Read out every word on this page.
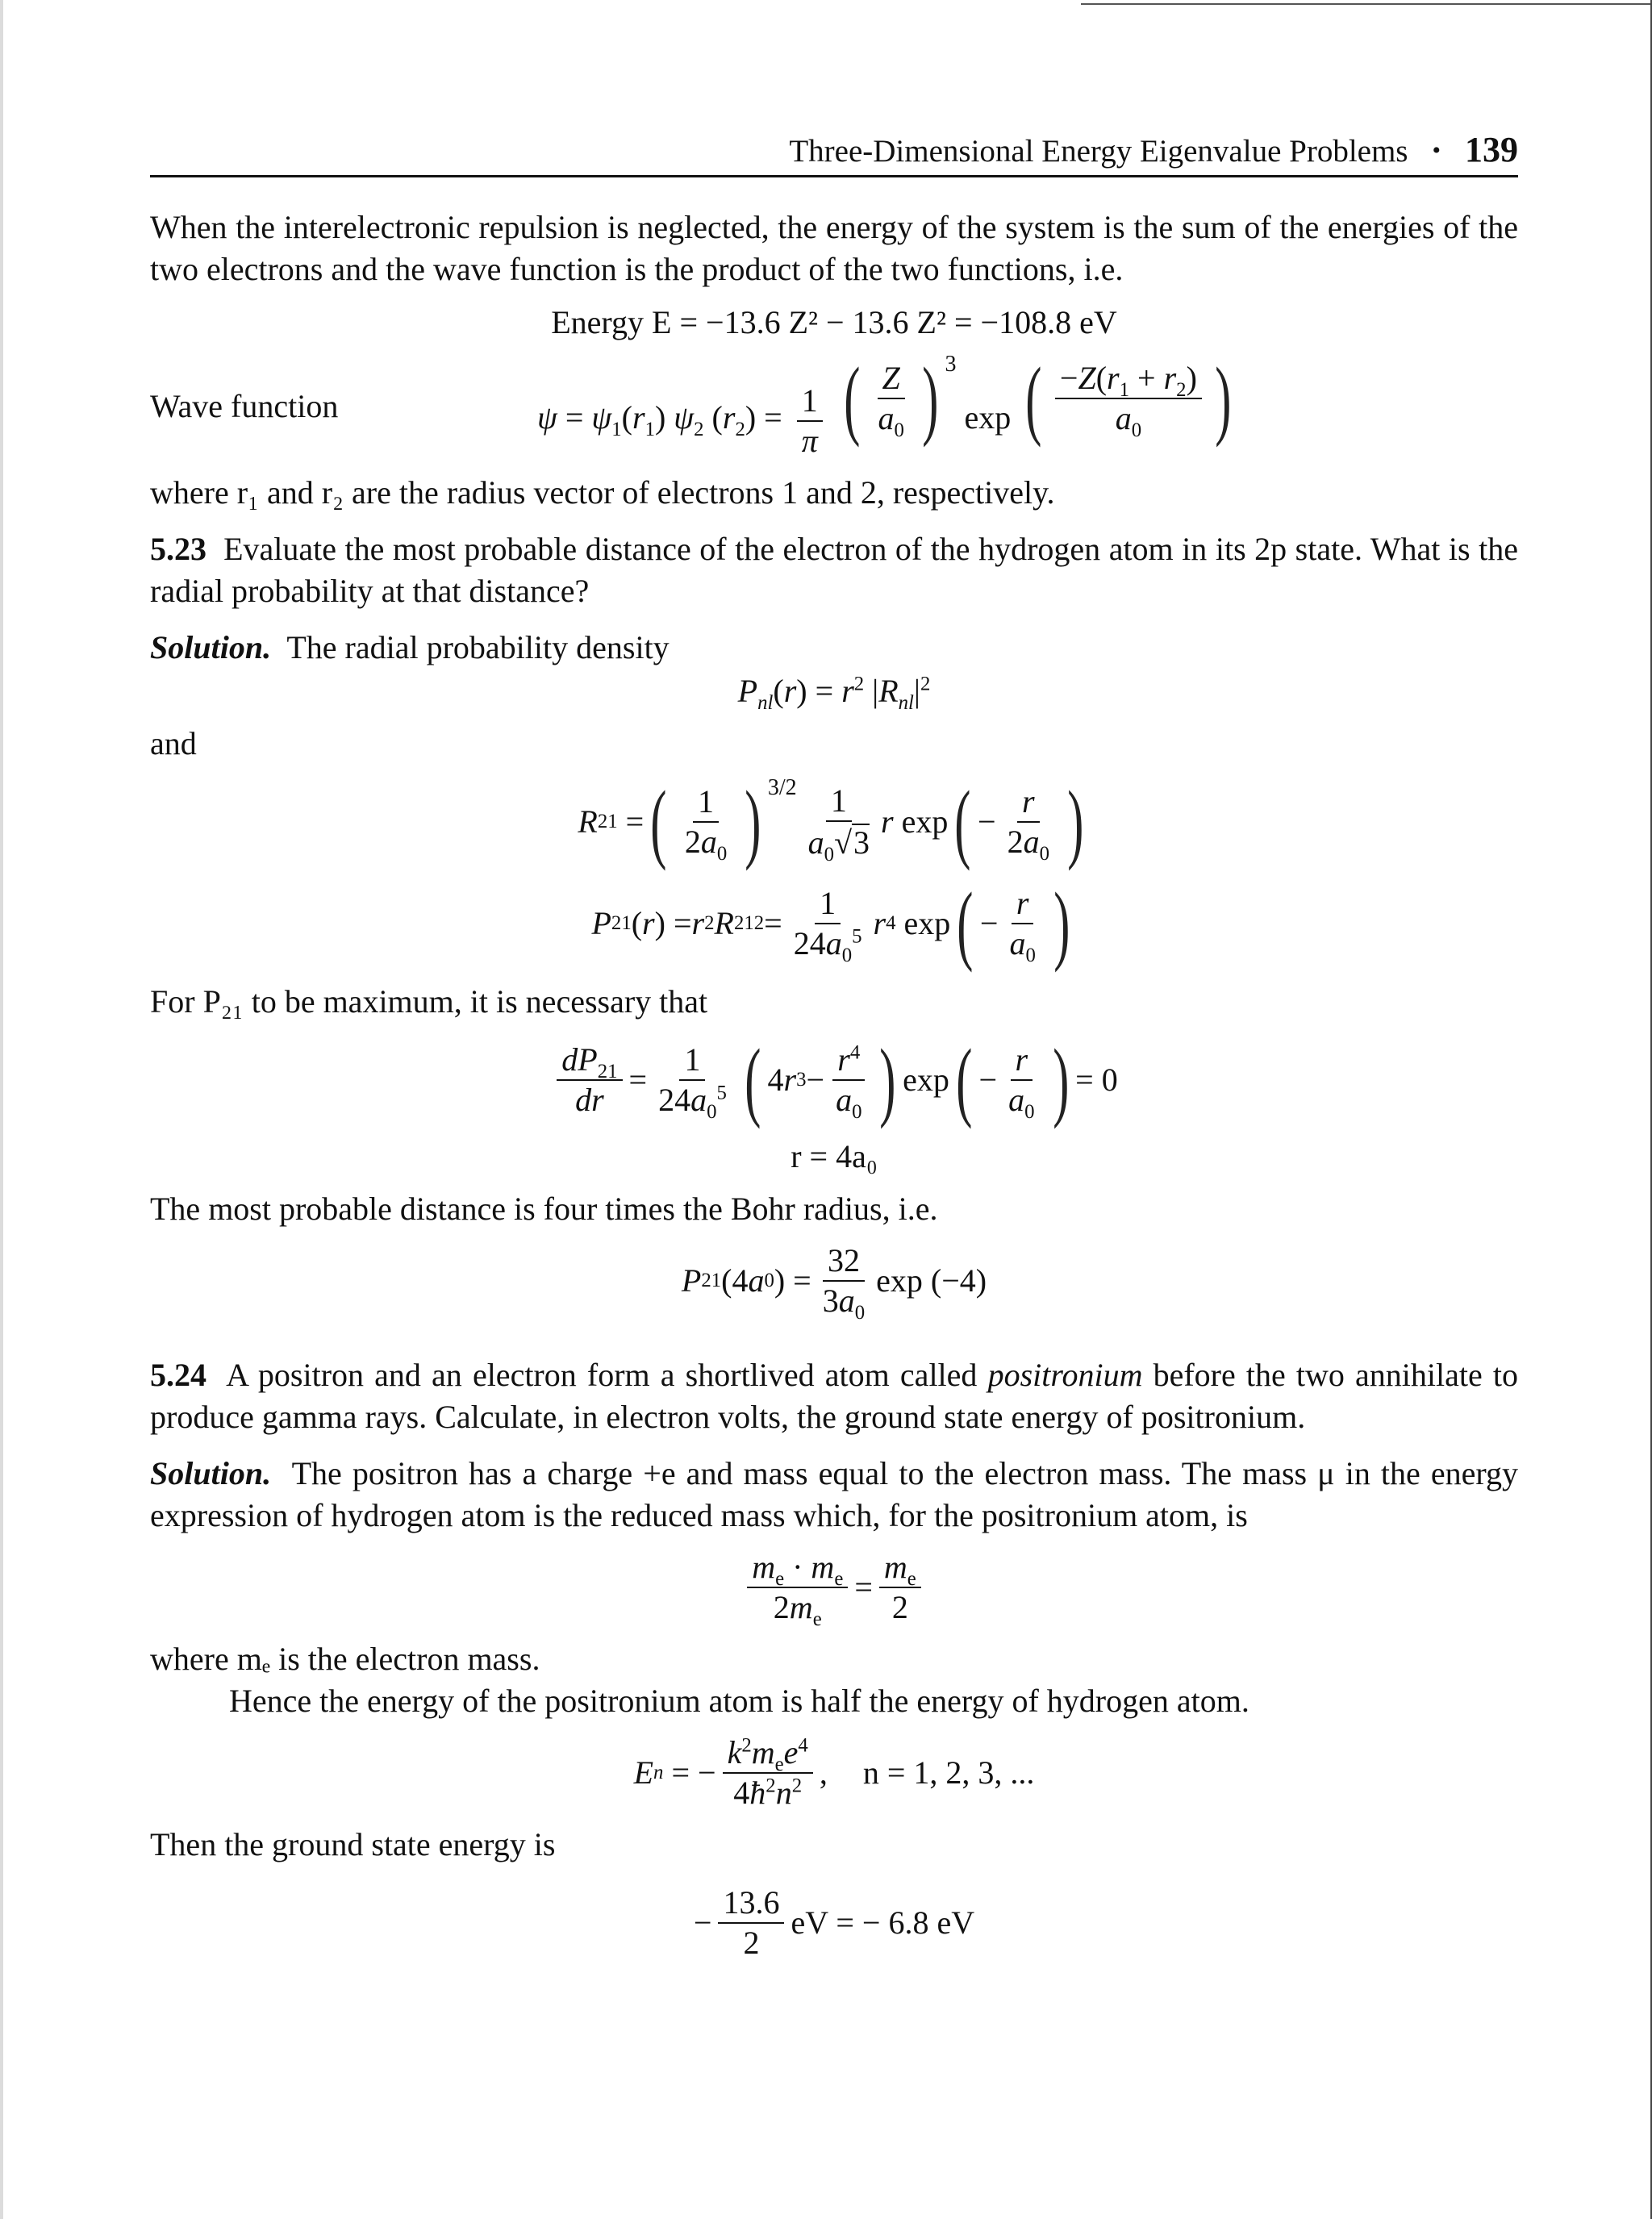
Three-Dimensional Energy Eigenvalue Problems • 139

When the interelectronic repulsion is neglected, the energy of the system is the sum of the energies of the two electrons and the wave function is the product of the two functions, i.e.

Energy E = −13.6 Z² − 13.6 Z² = −108.8 eV
Wave function	$\psi = \psi_1(r_1)$ $\psi_2$ $(r_2) = \frac{1}{\pi}$
( $\frac{Z}{a_0}$ ) $^3$
exp ( $\frac{-Z(r_1 + r_2)}{a_0}$ )

where r₁ and r₂ are the radius vector of electrons 1 and 2, respectively.

5.23 Evaluate the most probable distance of the electron of the hydrogen atom in its 2p state. What is the radial probability at that distance?

Solution. The radial probability density

$P_{nl}(r) = r^2$ $|R_{nl}|^2$

and

R 21 = ( $\frac{1}{2a_0}$ ) $^{3/2} \frac{1}{a_0√3}$ r exp ( − $\frac{r}{2a_0}$ )
P 21 ( r ) = r 2 R 21 $2 = \frac{1}{24a_0^5}$ r 4 exp ( − $\frac{r}{a_0}$ )

For P₂₁ to be maximum, it is necessary that

$\frac{dP_{21}}{dr} = \frac{1}{24a_0^5}$ ( 4 r $3 - \frac{r^4}{a_0}$ ) exp ( − $\frac{r}{a_0}$ ) = 0
r = 4a₀

The most probable distance is four times the Bohr radius, i.e.

P 21 (4 a 0 ) = $\frac{32}{3a_0}$ exp (−4)

5.24 A positron and an electron form a shortlived atom called positronium before the two annihilate to produce gamma rays. Calculate, in electron volts, the ground state energy of positronium.

Solution. The positron has a charge +e and mass equal to the electron mass. The mass μ in the energy expression of hydrogen atom is the reduced mass which, for the positronium atom, is

$\frac{m_e \cdot m_e}{2m_e} = \frac{m_e}{2}$

where mₑ is the electron mass.

Hence the energy of the positronium atom is half the energy of hydrogen atom.

E n = − $\frac{k^2m_ee^4}{4ħ^2n^2}$ , n = 1, 2, 3, ...

Then the ground state energy is

− $\frac{13.6}{2}$ eV = − 6.8 eV
